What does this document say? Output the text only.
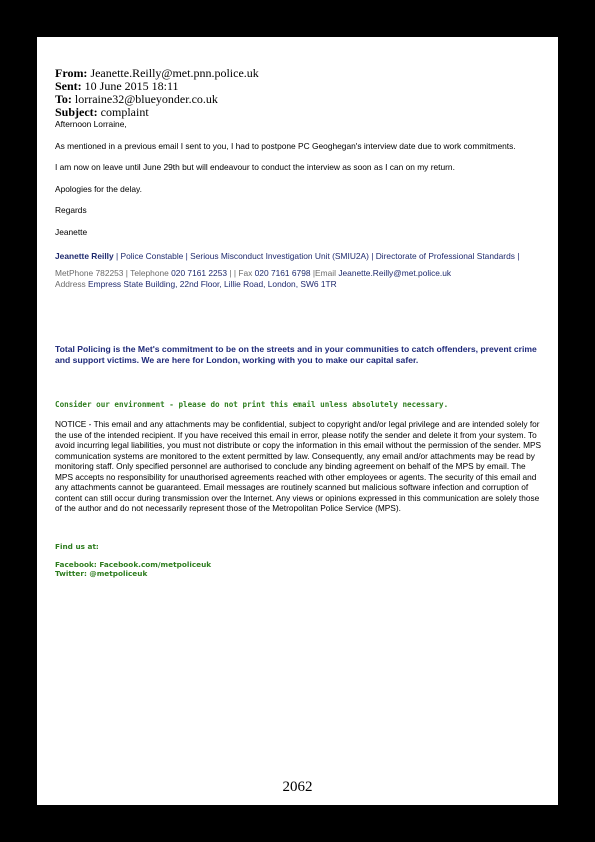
From: Jeanette.Reilly@met.pnn.police.uk
Sent: 10 June 2015 18:11
To: lorraine32@blueyonder.co.uk
Subject: complaint

Afternoon Lorraine,

As mentioned in a previous email I sent to you, I had to postpone PC Geoghegan's interview date due to work commitments.

I am now on leave until June 29th but will endeavour to conduct the interview as soon as I can on my return.

Apologies for the delay.

Regards

Jeanette

Jeanette Reilly | Police Constable | Serious Misconduct Investigation Unit (SMIU2A) | Directorate of Professional Standards |
MetPhone 782253 | Telephone 020 7161 2253 | | Fax 020 7161 6798 |Email Jeanette.Reilly@met.police.uk
Address Empress State Building, 22nd Floor, Lillie Road, London, SW6 1TR
Total Policing is the Met's commitment to be on the streets and in your communities to catch offenders, prevent crime and support victims. We are here for London, working with you to make our capital safer.
Consider our environment - please do not print this email unless absolutely necessary.
NOTICE - This email and any attachments may be confidential, subject to copyright and/or legal privilege and are intended solely for the use of the intended recipient. If you have received this email in error, please notify the sender and delete it from your system. To avoid incurring legal liabilities, you must not distribute or copy the information in this email without the permission of the sender. MPS communication systems are monitored to the extent permitted by law. Consequently, any email and/or attachments may be read by monitoring staff. Only specified personnel are authorised to conclude any binding agreement on behalf of the MPS by email. The MPS accepts no responsibility for unauthorised agreements reached with other employees or agents. The security of this email and any attachments cannot be guaranteed. Email messages are routinely scanned but malicious software infection and corruption of content can still occur during transmission over the Internet. Any views or opinions expressed in this communication are solely those of the author and do not necessarily represent those of the Metropolitan Police Service (MPS).
Find us at:
Facebook: Facebook.com/metpoliceuk
Twitter: @metpoliceuk
2062
